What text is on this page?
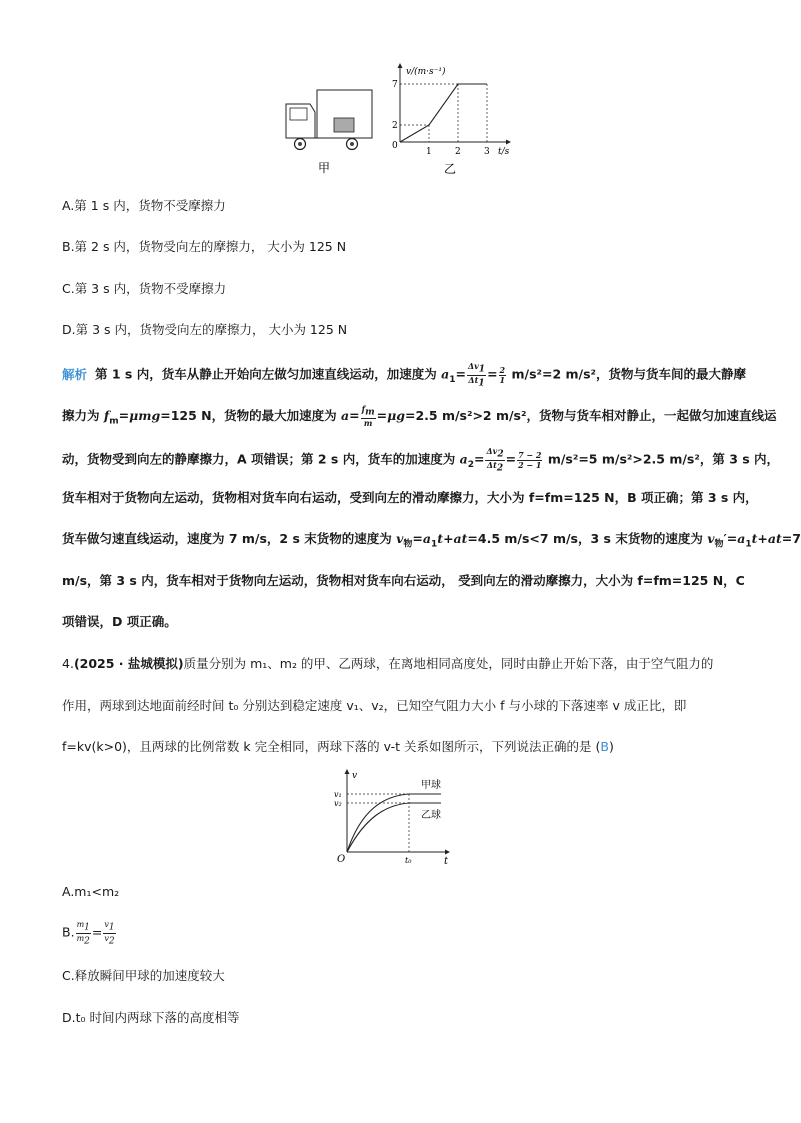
甲
v/(m·s⁻¹)
t/s
7
2
0
1	2	3
乙
A.第 1 s 内，货物不受摩擦力
B.第 2 s 内，货物受向左的摩擦力， 大小为 125 N
C.第 3 s 内，货物不受摩擦力
D.第 3 s 内，货物受向左的摩擦力， 大小为 125 N
解析 第 1 s 内，货车从静止开始向左做匀加速直线运动，加速度为 $a_1= \frac{\Delta v_1}{\Delta t_1} = \frac{2}{1} m/s^2=2$ m/s²，货物与货车间的最大静摩
擦力为 $f_m=\mu mg=125$ N，货物的最大加速度为 $a= \frac{f_m}{m} =\mu g=2.5$ m/s²>2 m/s²，货物与货车相对静止，一起做匀加速直线运
动，货物受到向左的静摩擦力，A 项错误；第 2 s 内，货车的加速度为 $a_2= \frac{\Delta v_2}{\Delta t_2} = \frac{7 - 2}{2 - 1} m/s^2=5$ m/s²>2.5 m/s²，第 3 s 内，
货车相对于货物向左运动，货物相对货车向右运动，受到向左的滑动摩擦力，大小为 f=fm=125 N，B 项正确；第 3 s 内，
货车做匀速直线运动，速度为 7 m/s，2 s 末货物的速度为 $v_物=a_1t+at=4.5$ m/s<7 m/s，3 s 末货物的速度为 $v_物'=a_1t+at=7$
m/s，第 3 s 内，货车相对于货物向左运动，货物相对货车向右运动， 受到向左的滑动摩擦力，大小为 f=fm=125 N，C
项错误，D 项正确。
4.(2025 · 盐城模拟)质量分别为 m₁、m₂ 的甲、乙两球，在离地相同高度处，同时由静止开始下落，由于空气阻力的
作用，两球到达地面前经时间 t₀ 分别达到稳定速度 v₁、v₂，已知空气阻力大小 f 与小球的下落速率 v 成正比，即
f=kv(k>0)，且两球的比例常数 k 完全相同，两球下落的 v-t 关系如图所示，下列说法正确的是 (B)
v
t
O
v₁
v₂
t₀
甲球
乙球
A.m₁<m₂
B. $\frac{m_1}{m_2} = \frac{v_1}{v_2}$
C.释放瞬间甲球的加速度较大
D.t₀ 时间内两球下落的高度相等
